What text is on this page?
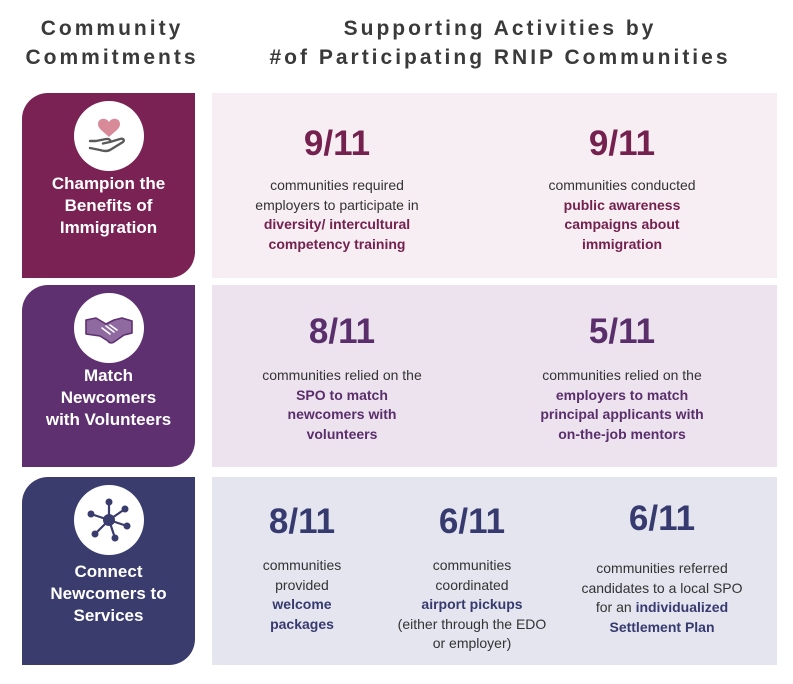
Community
Commitments
Supporting Activities by
#of Participating RNIP Communities
Champion the
Benefits of
Immigration
9/11
communities required
employers to participate in
diversity/ intercultural
competency training
9/11
communities conducted
public awareness
campaigns about
immigration
Match
Newcomers
with Volunteers
8/11
communities relied on the
SPO to match
newcomers with
volunteers
5/11
communities relied on the
employers to match
principal applicants with
on-the-job mentors
Connect
Newcomers to
Services
8/11
communities
provided
welcome
packages
6/11
communities
coordinated
airport pickups
(either through the EDO
or employer)
6/11
communities referred
candidates to a local SPO
for an individualized
Settlement Plan
